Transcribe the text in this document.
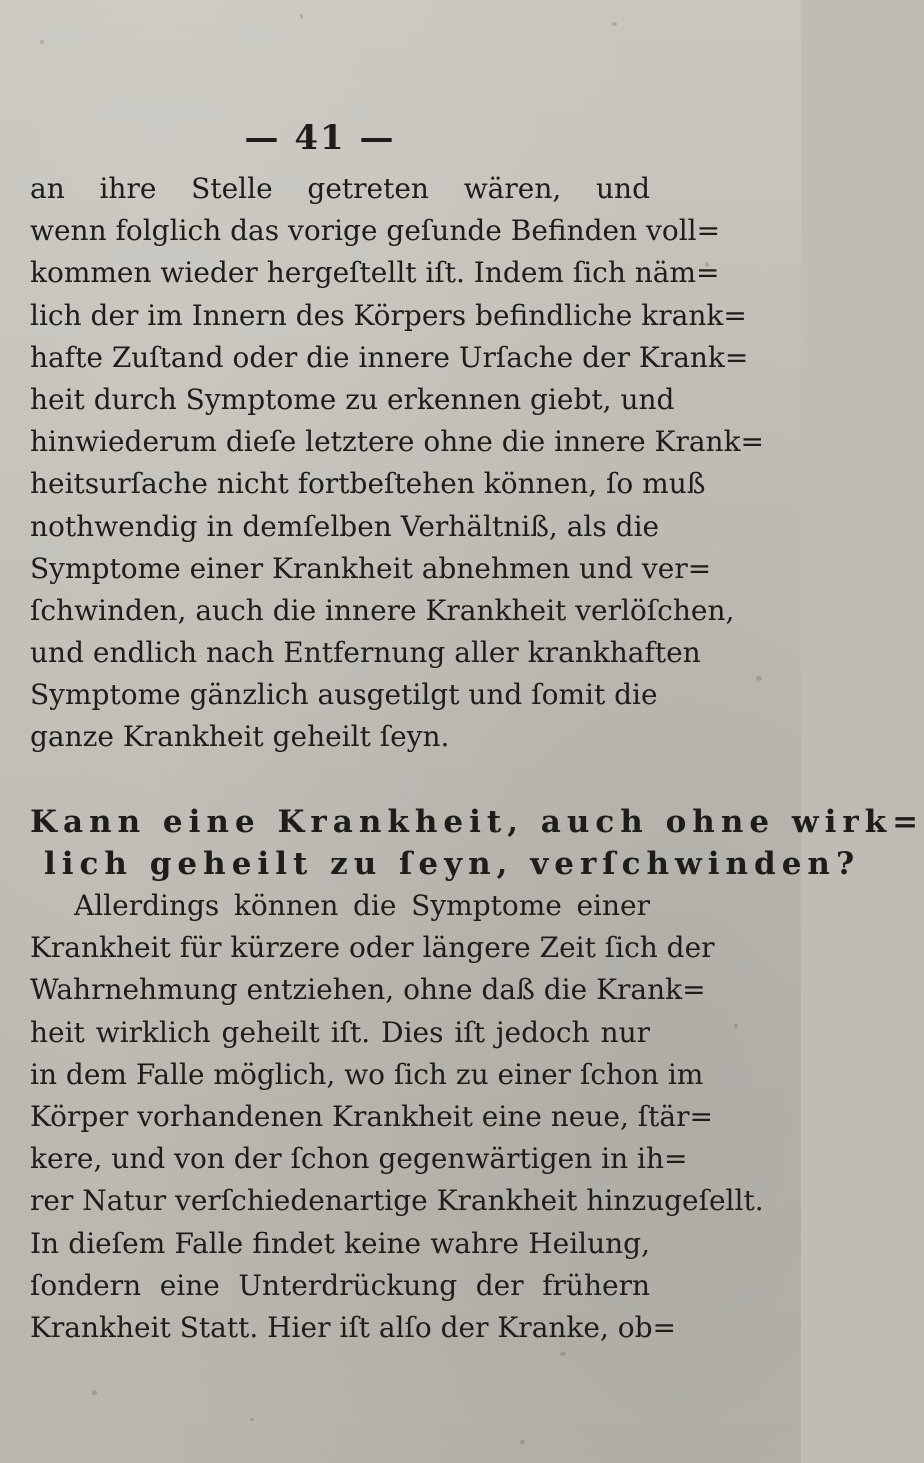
— 41 —
an ihre Stelle getreten wären, und
wenn folglich das vorige geſunde Befinden voll=
kommen wieder hergeſtellt iſt. Indem ſich näm=
lich der im Innern des Körpers befindliche krank=
hafte Zuſtand oder die innere Urſache der Krank=
heit durch Symptome zu erkennen giebt, und
hinwiederum dieſe letztere ohne die innere Krank=
heitsurſache nicht fortbeſtehen können, ſo muß
nothwendig in demſelben Verhältniß, als die
Symptome einer Krankheit abnehmen und ver=
ſchwinden, auch die innere Krankheit verlöſchen,
und endlich nach Entfernung aller krankhaften
Symptome gänzlich ausgetilgt und ſomit die
ganze Krankheit geheilt ſeyn.
Kann eine Krankheit, auch ohne wirk=
lich geheilt zu ſeyn, verſchwinden?
Allerdings können die Symptome einer
Krankheit für kürzere oder längere Zeit ſich der
Wahrnehmung entziehen, ohne daß die Krank=
heit wirklich geheilt iſt. Dies iſt jedoch nur
in dem Falle möglich, wo ſich zu einer ſchon im
Körper vorhandenen Krankheit eine neue, ſtär=
kere, und von der ſchon gegenwärtigen in ih=
rer Natur verſchiedenartige Krankheit hinzugeſellt.
In dieſem Falle findet keine wahre Heilung,
ſondern eine Unterdrückung der frühern
Krankheit Statt. Hier iſt alſo der Kranke, ob=
